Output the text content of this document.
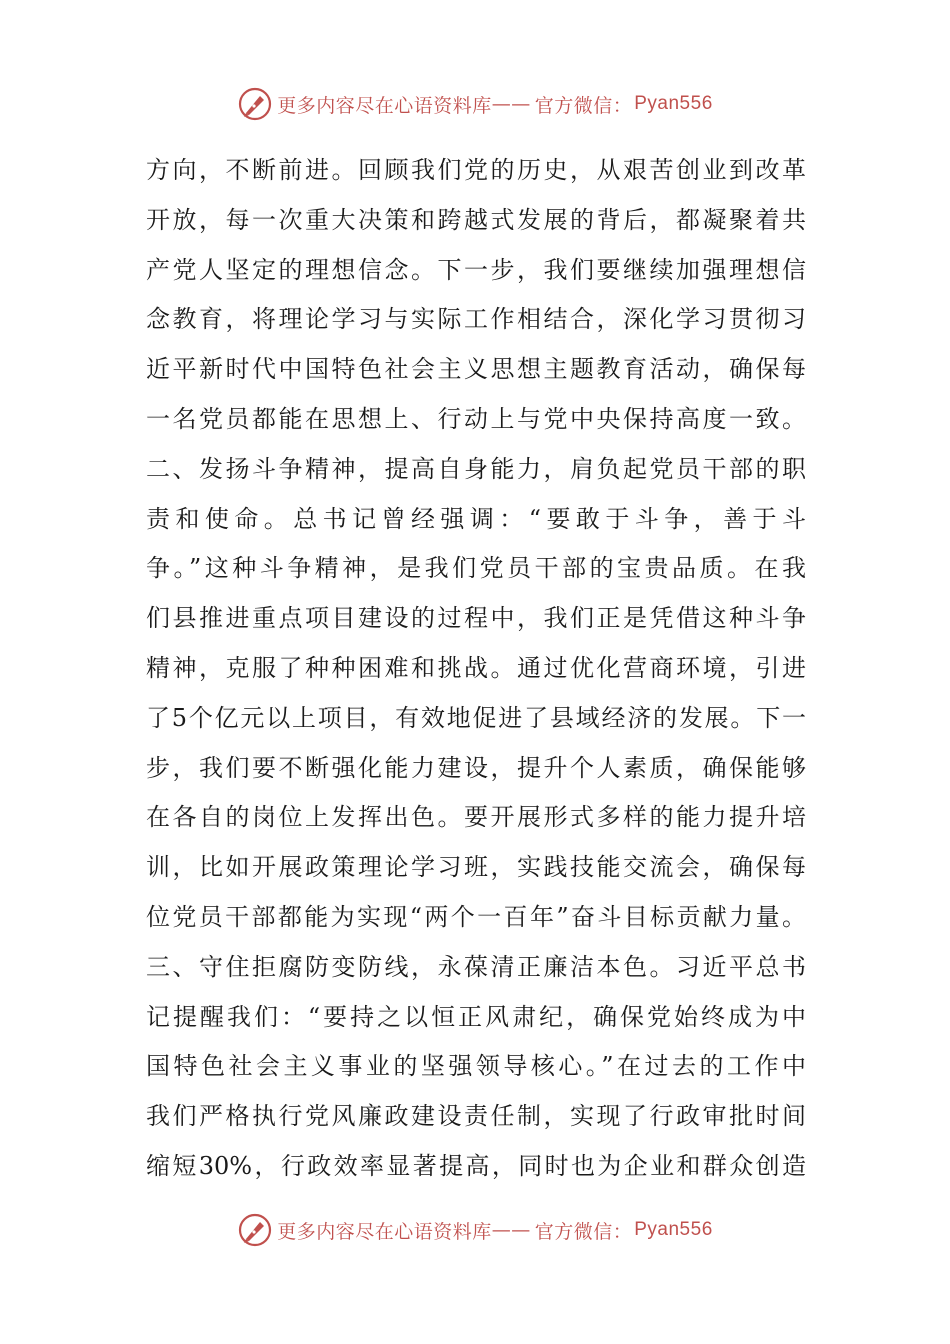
更多内容尽在心语资料库 —— 官方微信： Pyan556
方向，不断前进。回顾我们党的历史，从艰苦创业到改革
开放，每一次重大决策和跨越式发展的背后，都凝聚着共
产党人坚定的理想信念。下一步，我们要继续加强理想信
念教育，将理论学习与实际工作相结合，深化学习贯彻习
近平新时代中国特色社会主义思想主题教育活动，确保每
一名党员都能在思想上、行动上与党中央保持高度一致。
二、发扬斗争精神，提高自身能力，肩负起党员干部的职
责和使命。总书记曾经强调：“要敢于斗争，善于斗
争。”这种斗争精神，是我们党员干部的宝贵品质。在我
们县推进重点项目建设的过程中，我们正是凭借这种斗争
精神，克服了种种困难和挑战。通过优化营商环境，引进
了5个亿元以上项目，有效地促进了县域经济的发展。下一
步，我们要不断强化能力建设，提升个人素质，确保能够
在各自的岗位上发挥出色。要开展形式多样的能力提升培
训，比如开展政策理论学习班，实践技能交流会，确保每
位党员干部都能为实现“两个一百年”奋斗目标贡献力量。
三、守住拒腐防变防线，永葆清正廉洁本色。习近平总书
记提醒我们：“要持之以恒正风肃纪，确保党始终成为中
国特色社会主义事业的坚强领导核心。”在过去的工作中
我们严格执行党风廉政建设责任制，实现了行政审批时间
缩短30%，行政效率显著提高，同时也为企业和群众创造
更多内容尽在心语资料库 —— 官方微信： Pyan556
